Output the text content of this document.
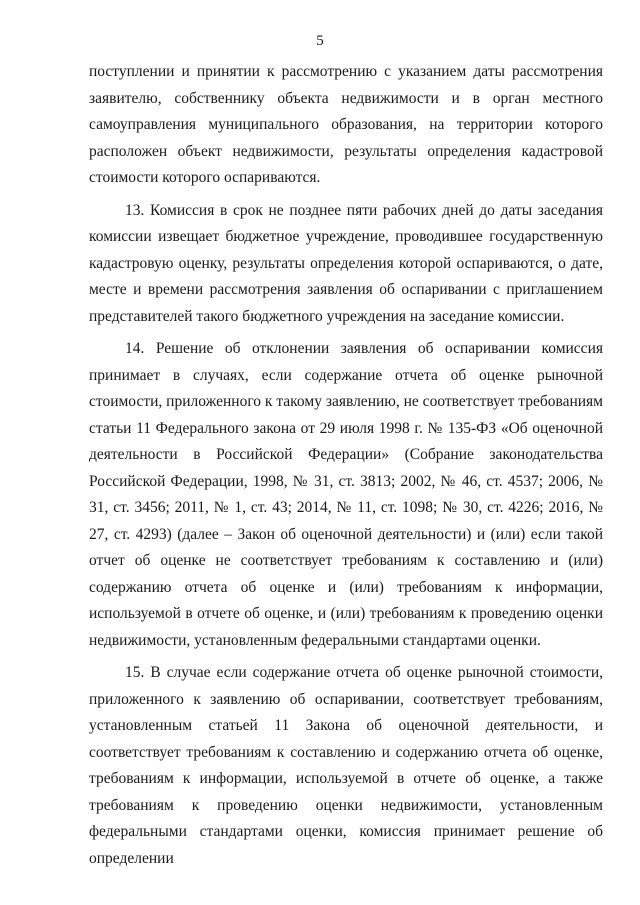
5

поступлении и принятии к рассмотрению с указанием даты рассмотрения заявителю, собственнику объекта недвижимости и в орган местного самоуправления муниципального образования, на территории которого расположен объект недвижимости, результаты определения кадастровой стоимости которого оспариваются.

13. Комиссия в срок не позднее пяти рабочих дней до даты заседания комиссии извещает бюджетное учреждение, проводившее государственную кадастровую оценку, результаты определения которой оспариваются, о дате, месте и времени рассмотрения заявления об оспаривании с приглашением представителей такого бюджетного учреждения на заседание комиссии.

14. Решение об отклонении заявления об оспаривании комиссия принимает в случаях, если содержание отчета об оценке рыночной стоимости, приложенного к такому заявлению, не соответствует требованиям статьи 11 Федерального закона от 29 июля 1998 г. № 135-ФЗ «Об оценочной деятельности в Российской Федерации» (Собрание законодательства Российской Федерации, 1998, № 31, ст. 3813; 2002, № 46, ст. 4537; 2006, № 31, ст. 3456; 2011, № 1, ст. 43; 2014, № 11, ст. 1098; № 30, ст. 4226; 2016, № 27, ст. 4293) (далее – Закон об оценочной деятельности) и (или) если такой отчет об оценке не соответствует требованиям к составлению и (или) содержанию отчета об оценке и (или) требованиям к информации, используемой в отчете об оценке, и (или) требованиям к проведению оценки недвижимости, установленным федеральными стандартами оценки.

15. В случае если содержание отчета об оценке рыночной стоимости, приложенного к заявлению об оспаривании, соответствует требованиям, установленным статьей 11 Закона об оценочной деятельности, и соответствует требованиям к составлению и содержанию отчета об оценке, требованиям к информации, используемой в отчете об оценке, а также требованиям к проведению оценки недвижимости, установленным федеральными стандартами оценки, комиссия принимает решение об определении
